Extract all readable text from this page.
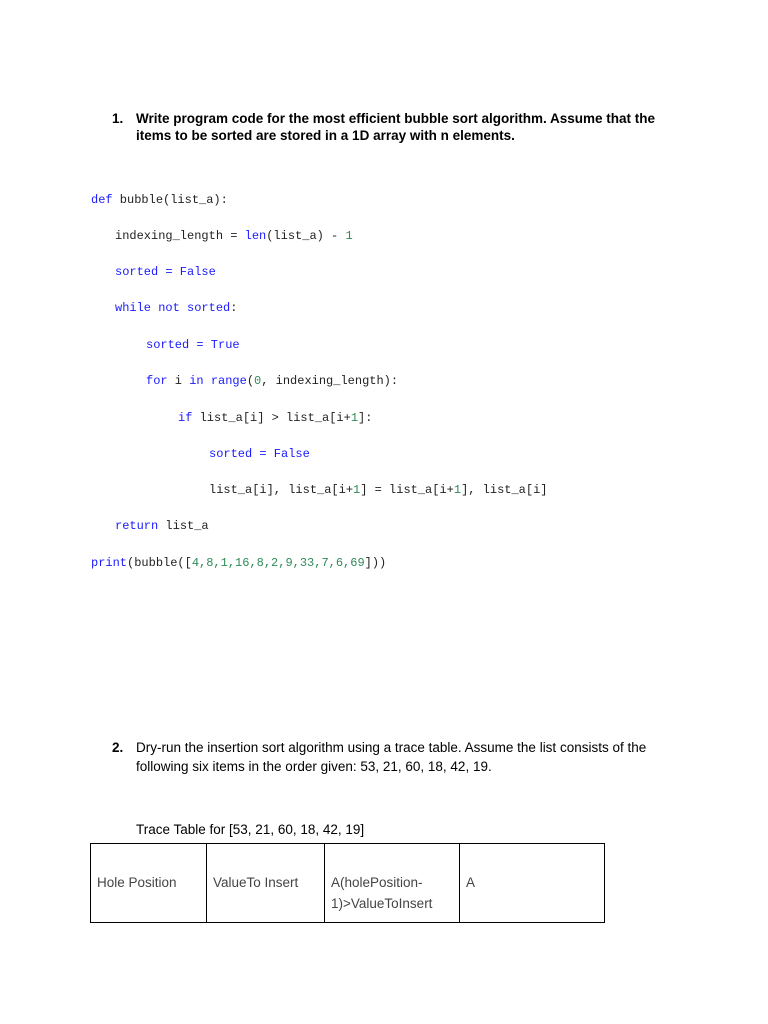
1. Write program code for the most efficient bubble sort algorithm. Assume that the items to be sorted are stored in a 1D array with n elements.
def bubble(list_a):
indexing_length = len(list_a) - 1
sorted = False
while not sorted:
sorted = True
for i in range(0, indexing_length):
if list_a[i] > list_a[i+1]:
sorted = False
list_a[i], list_a[i+1] = list_a[i+1], list_a[i]
return list_a
print(bubble([4,8,1,16,8,2,9,33,7,6,69]))
2. Dry-run the insertion sort algorithm using a trace table. Assume the list consists of the following six items in the order given: 53, 21, 60, 18, 42, 19.
Trace Table for [53, 21, 60, 18, 42, 19]
Hole Position	ValueTo Insert	A(holePosition-1)>ValueToInsert	A
